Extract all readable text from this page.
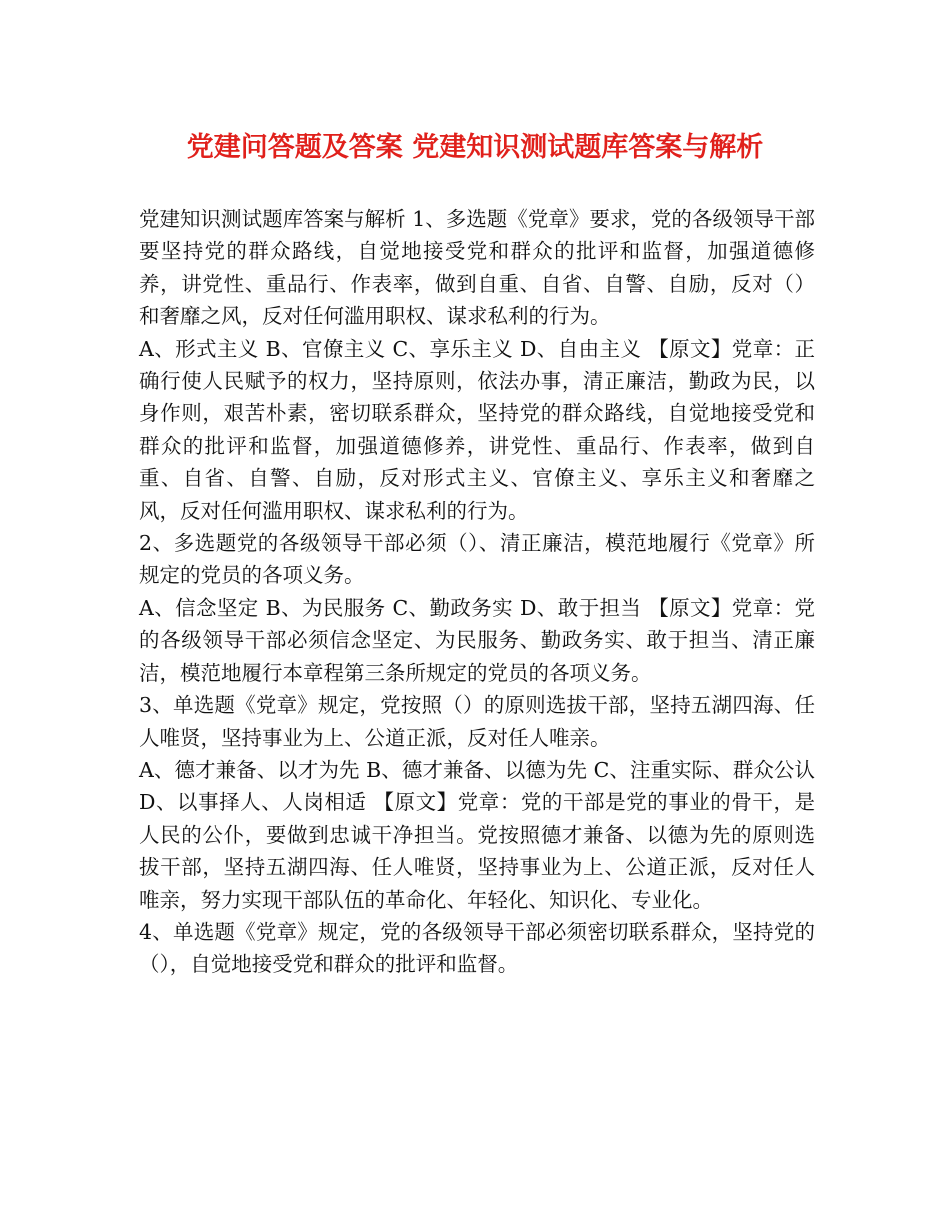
党建问答题及答案 党建知识测试题库答案与解析

党建知识测试题库答案与解析 1、多选题《党章》要求，党的各级领导干部要坚持党的群众路线，自觉地接受党和群众的批评和监督，加强道德修养，讲党性、重品行、作表率，做到自重、自省、自警、自励，反对（）和奢靡之风，反对任何滥用职权、谋求私利的行为。

A、形式主义 B、官僚主义 C、享乐主义 D、自由主义 【原文】党章：正确行使人民赋予的权力，坚持原则，依法办事，清正廉洁，勤政为民，以身作则，艰苦朴素，密切联系群众，坚持党的群众路线，自觉地接受党和群众的批评和监督，加强道德修养，讲党性、重品行、作表率，做到自重、自省、自警、自励，反对形式主义、官僚主义、享乐主义和奢靡之风，反对任何滥用职权、谋求私利的行为。

2、多选题党的各级领导干部必须（）、清正廉洁，模范地履行《党章》所规定的党员的各项义务。

A、信念坚定 B、为民服务 C、勤政务实 D、敢于担当 【原文】党章：党的各级领导干部必须信念坚定、为民服务、勤政务实、敢于担当、清正廉洁，模范地履行本章程第三条所规定的党员的各项义务。

3、单选题《党章》规定，党按照（）的原则选拔干部，坚持五湖四海、任人唯贤，坚持事业为上、公道正派，反对任人唯亲。

A、德才兼备、以才为先 B、德才兼备、以德为先 C、注重实际、群众公认 D、以事择人、人岗相适 【原文】党章：党的干部是党的事业的骨干，是人民的公仆，要做到忠诚干净担当。党按照德才兼备、以德为先的原则选拔干部，坚持五湖四海、任人唯贤，坚持事业为上、公道正派，反对任人唯亲，努力实现干部队伍的革命化、年轻化、知识化、专业化。

4、单选题《党章》规定，党的各级领导干部必须密切联系群众，坚持党的（），自觉地接受党和群众的批评和监督。
